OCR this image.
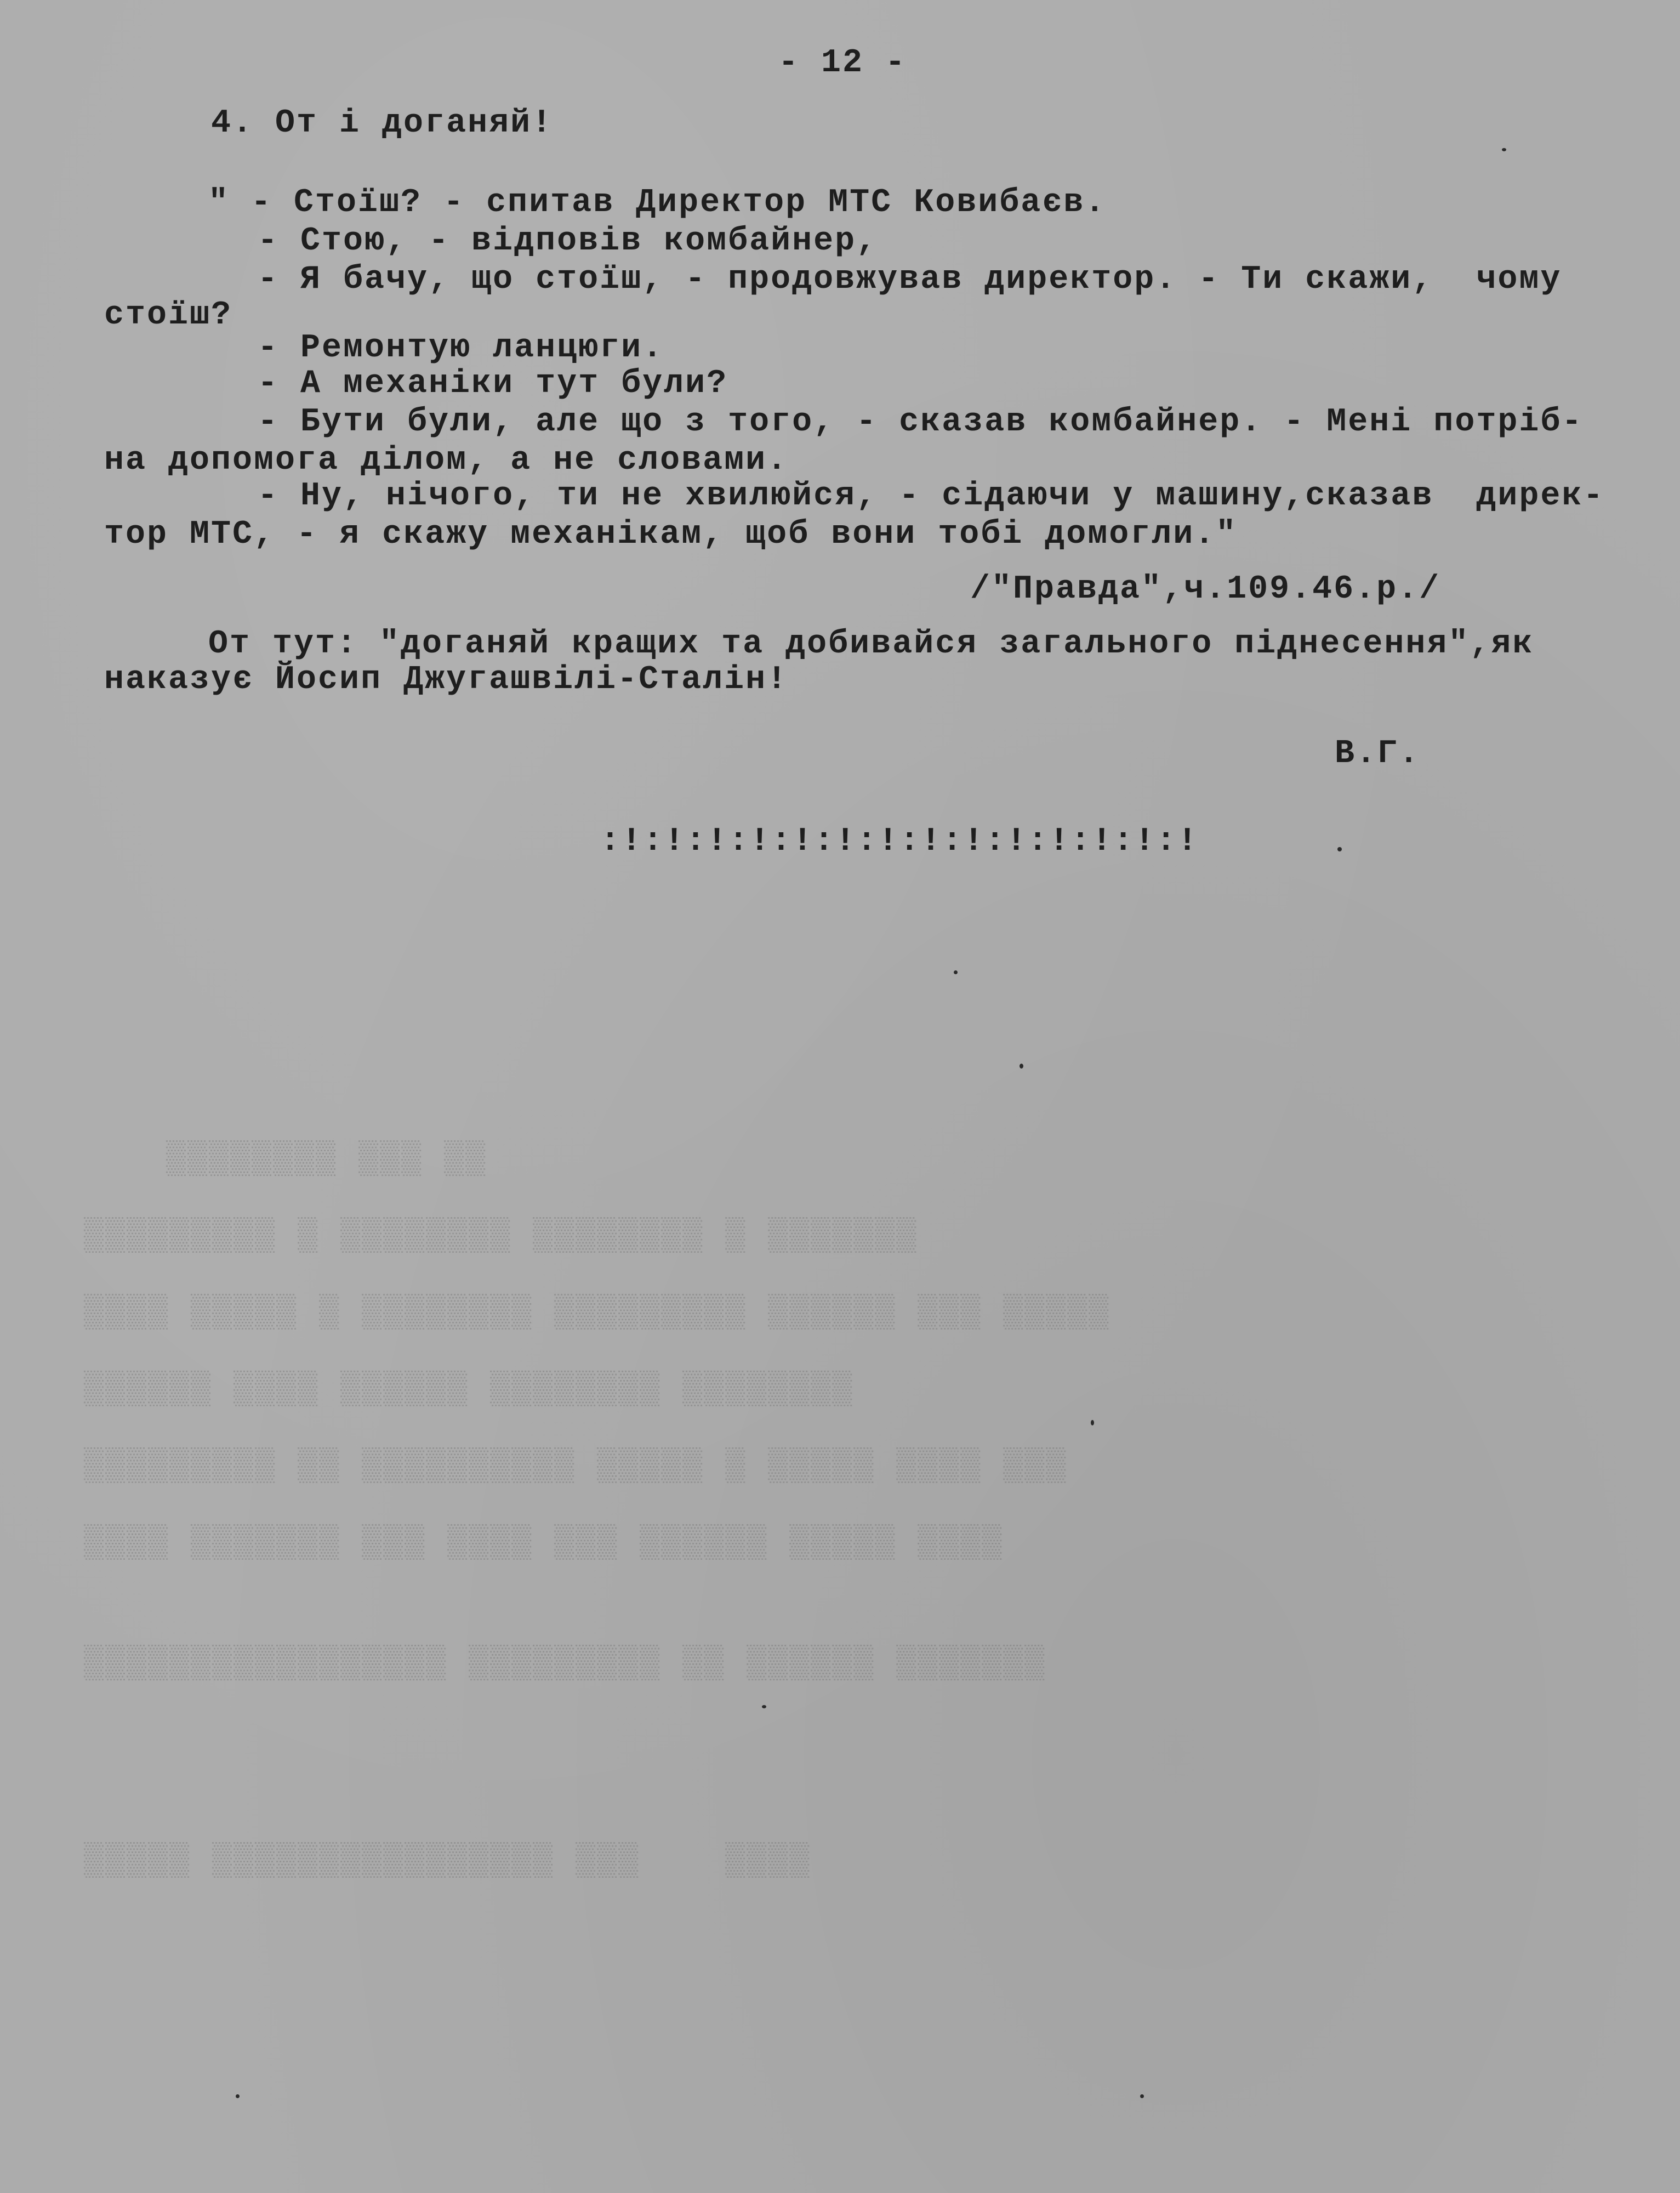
▒▒ ▒▒▒ ▒▒▒▒▒▒▒▒
▒▒▒▒▒▒▒ ▒ ▒▒▒▒▒▒▒▒ ▒▒▒▒▒▒▒▒ ▒ ▒▒▒▒▒▒▒▒▒
▒▒▒▒▒ ▒▒▒ ▒▒▒▒▒▒ ▒▒▒▒▒▒▒▒▒ ▒▒▒▒▒▒▒▒ ▒ ▒▒▒▒▒ ▒▒▒▒
▒▒▒▒▒▒▒▒ ▒▒▒▒▒▒▒▒ ▒▒▒▒▒▒ ▒▒▒▒ ▒▒▒▒▒▒
▒▒▒ ▒▒▒▒ ▒▒▒▒▒ ▒ ▒▒▒▒▒ ▒▒▒▒▒▒▒▒▒▒ ▒▒ ▒▒▒▒▒▒▒▒▒
▒▒▒▒ ▒▒▒▒▒ ▒▒▒▒▒▒ ▒▒▒ ▒▒▒▒ ▒▒▒ ▒▒▒▒▒▒▒ ▒▒▒▒
▒▒▒▒▒▒▒ ▒▒▒▒▒▒ ▒▒ ▒▒▒▒▒▒▒▒▒ ▒▒▒▒▒▒▒▒▒▒▒▒▒▒▒▒▒
▒▒▒▒    ▒▒▒ ▒▒▒▒▒▒▒▒▒▒▒▒▒▒▒▒ ▒▒▒▒▒
- 12 -
4. От і доганяй!
" - Стоїш? - спитав Директор МТС Ковибаєв.
- Стою, - відповів комбайнер,
- Я бачу, що стоїш, - продовжував директор. - Ти скажи,  чому
стоїш?
- Ремонтую ланцюги.
- А механіки тут були?
- Бути були, але що з того, - сказав комбайнер. - Мені потріб-
на допомога ділом, а не словами.
- Ну, нічого, ти не хвилюйся, - сідаючи у машину,сказав  дирек-
тор МТС, - я скажу механікам, щоб вони тобі домогли."
/"Правда",ч.109.46.р./
От тут: "доганяй кращих та добивайся загального піднесення",як
наказує Йосип Джугашвілі-Сталін!
В.Г.
:!:!:!:!:!:!:!:!:!:!:!:!:!:!
